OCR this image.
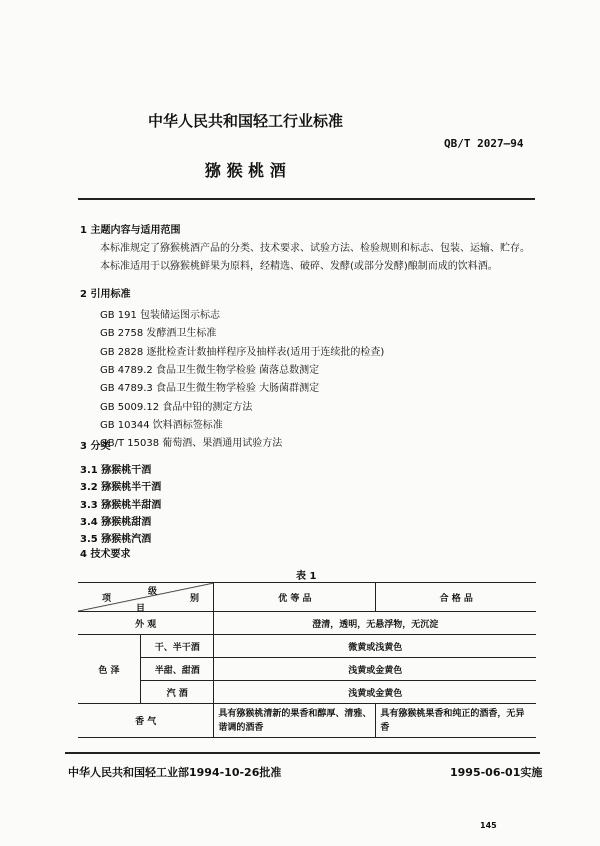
中华人民共和国轻工行业标准
QB/T 2027—94
猕 猴 桃 酒
1 主题内容与适用范围
本标准规定了猕猴桃酒产品的分类、技术要求、试验方法、检验规则和标志、包装、运输、贮存。
本标准适用于以猕猴桃鲜果为原料，经精选、破碎、发酵(或部分发酵)酿制而成的饮料酒。
2 引用标准
GB 191 包装储运图示标志
GB 2758 发酵酒卫生标准
GB 2828 逐批检查计数抽样程序及抽样表(适用于连续批的检查)
GB 4789.2 食品卫生微生物学检验 菌落总数测定
GB 4789.3 食品卫生微生物学检验 大肠菌群测定
GB 5009.12 食品中铅的测定方法
GB 10344 饮料酒标签标准
GB/T 15038 葡萄酒、果酒通用试验方法
3 分类
3.1 猕猴桃干酒
3.2 猕猴桃半干酒
3.3 猕猴桃半甜酒
3.4 猕猴桃甜酒
3.5 猕猴桃汽酒
4 技术要求
表 1
项
目
级
别		优 等 品	合 格 品
外 观		澄清，透明，无悬浮物，无沉淀	
色 泽	干、半干酒	微黄或浅黄色	
	半甜、甜酒	浅黄或金黄色	
	汽 酒	浅黄或金黄色	
香 气		具有猕猴桃清新的果香和醇厚、清雅、谐调的酒香	具有猕猴桃果香和纯正的酒香，无异香
中华人民共和国轻工业部1994-10-26批准	1995-06-01实施
145
